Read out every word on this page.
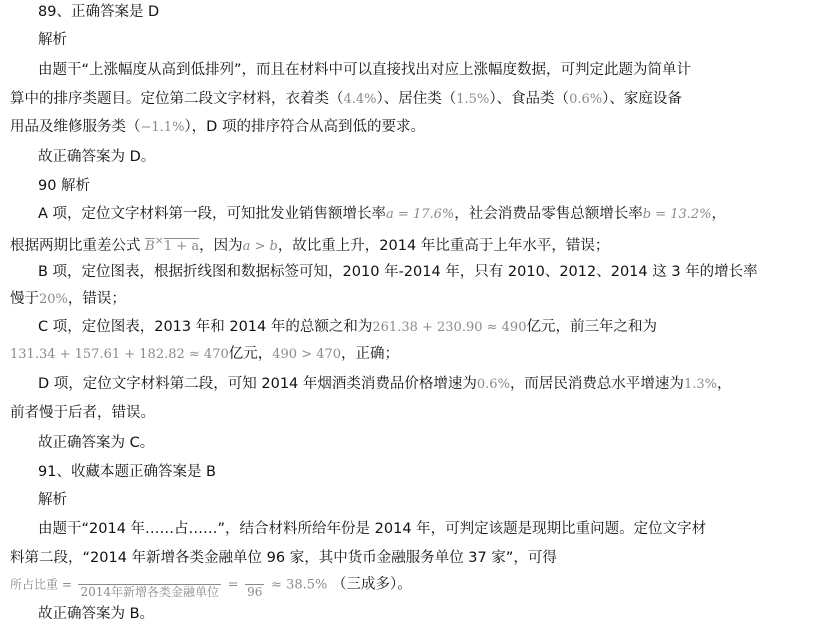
89、正确答案是 D
解析
由题干“上涨幅度从高到低排列”，而且在材料中可以直接找出对应上涨幅度数据，可判定此题为简单计
算中的排序类题目。定位第二段文字材料，衣着类（4.4%）、居住类（1.5%）、食品类（0.6%）、家庭设备
用品及维修服务类（−1.1%），D 项的排序符合从高到低的要求。
故正确答案为 D。
90 解析
A 项，定位文字材料第一段，可知批发业销售额增长率a = 17.6%，社会消费品零售总额增长率b = 13.2%，
根据两期比重差公式 $\overline{B}^\times 1 + a$，因为a > b，故比重上升，2014 年比重高于上年水平，错误；
B 项，定位图表，根据折线图和数据标签可知，2010 年-2014 年，只有 2010、2012、2014 这 3 年的增长率
慢于20%，错误；
C 项，定位图表，2013 年和 2014 年的总额之和为261.38 + 230.90 ≈ 490亿元，前三年之和为
131.34 + 157.61 + 182.82 ≈ 470亿元，490 > 470，正确；
D 项，定位文字材料第二段，可知 2014 年烟酒类消费品价格增速为0.6%，而居民消费总水平增速为1.3%，
前者慢于后者，错误。
故正确答案为 C。
91、收藏本题正确答案是 B
解析
由题干“2014 年……占……”，结合材料所给年份是 2014 年，可判定该题是现期比重问题。定位文字材
料第二段，“2014 年新增各类金融单位 96 家，其中货币金融服务单位 37 家”，可得
所占比重 =

2014年新增各类金融单位 =
96 ≈ 38.5% （三成多）。
故正确答案为 B。
